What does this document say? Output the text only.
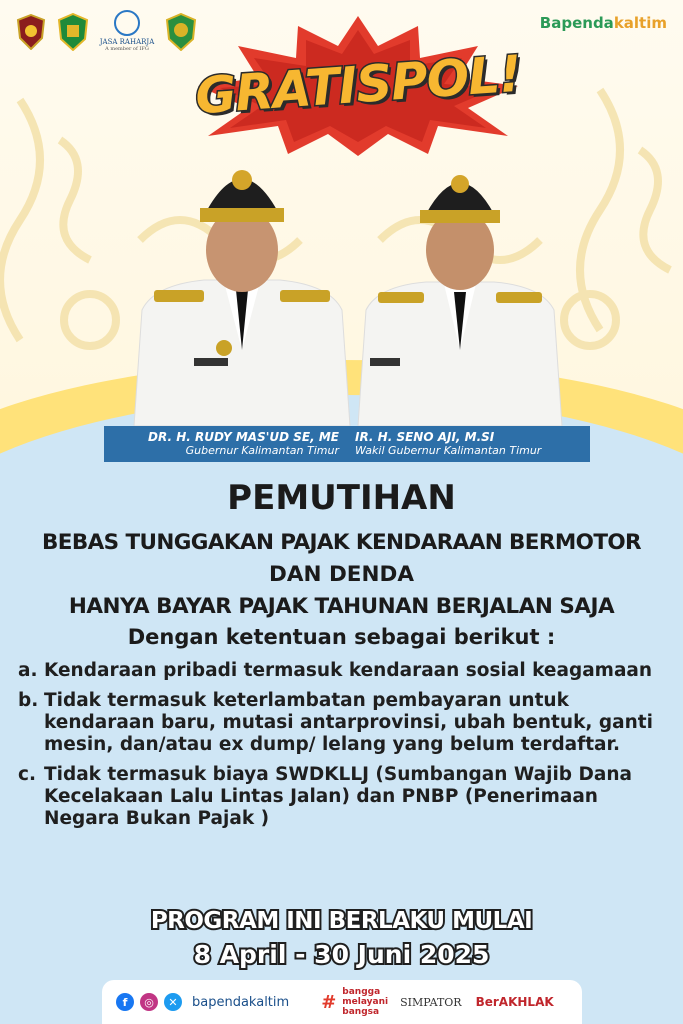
JASA RAHARJA
A member of IFG
Bapendakaltim
GRATISPOL!
DR. H. RUDY MAS'UD SE, ME
Gubernur Kalimantan Timur
IR. H. SENO AJI, M.SI
Wakil Gubernur Kalimantan Timur
PEMUTIHAN
BEBAS TUNGGAKAN PAJAK KENDARAAN BERMOTOR
DAN DENDA
HANYA BAYAR PAJAK TAHUNAN BERJALAN SAJA
Dengan ketentuan sebagai berikut :
a. Kendaraan pribadi termasuk kendaraan sosial keagamaan
b. Tidak termasuk keterlambatan pembayaran untuk kendaraan baru, mutasi antarprovinsi, ubah bentuk, ganti mesin, dan/atau ex dump/ lelang yang belum terdaftar.
c. Tidak termasuk biaya SWDKLLJ (Sumbangan Wajib Dana Kecelakaan Lalu Lintas Jalan) dan PNBP (Penerimaan Negara Bukan Pajak )
PROGRAM INI BERLAKU MULAI
8 April - 30 Juni 2025
f	◎	✕	bapendakaltim # bangga
melayani
bangsa
SIMPATOR BerAKHLAK
